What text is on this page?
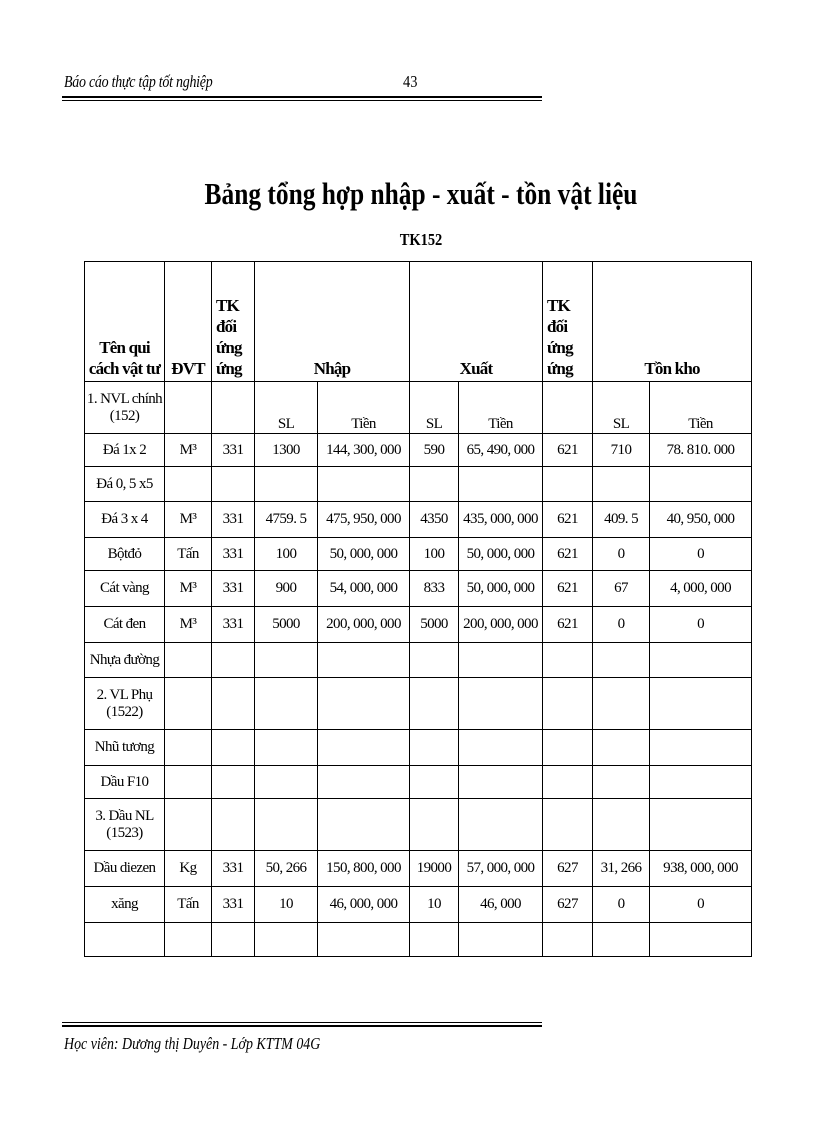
Báo cáo thực tập tốt nghiệp	43
Bảng tổng hợp nhập - xuất - tồn vật liệu
TK152
Tên qui cách vật tư	ĐVT	TK đối ứng ứng	Nhập		Xuất		TK đối ứng ứng	Tồn kho	
1. NVL chính (152)			SL	Tiền	SL	Tiền		SL	Tiền
Đá 1x 2	M³	331	1300	144, 300, 000	590	65, 490, 000	621	710	78. 810. 000
Đá 0, 5 x5									
Đá 3 x 4	M³	331	4759. 5	475, 950, 000	4350	435, 000, 000	621	409. 5	40, 950, 000
Bộtđỏ	Tấn	331	100	50, 000, 000	100	50, 000, 000	621	0	0
Cát vàng	M³	331	900	54, 000, 000	833	50, 000, 000	621	67	4, 000, 000
Cát đen	M³	331	5000	200, 000, 000	5000	200, 000, 000	621	0	0
Nhựa đường									
2. VL Phụ (1522)									
Nhũ tương									
Dầu F10									
3. Dầu NL (1523)									
Dầu diezen	Kg	331	50, 266	150, 800, 000	19000	57, 000, 000	627	31, 266	938, 000, 000
xăng	Tấn	331	10	46, 000, 000	10	46, 000	627	0	0

Học viên: Dương thị Duyên - Lớp KTTM 04G
